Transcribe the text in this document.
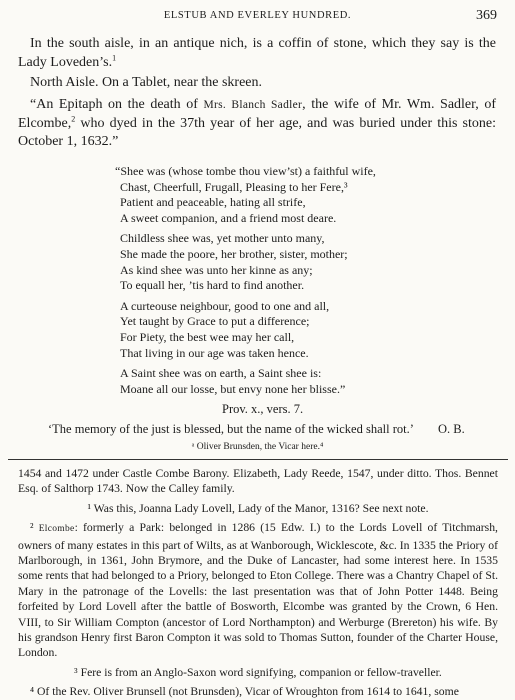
ELSTUB AND EVERLEY HUNDRED.	369

In the south aisle, in an antique nich, is a coffin of stone, which they say is the Lady Loveden’s.$^1$

North Aisle. On a Tablet, near the skreen.

“An Epitaph on the death of Mrs. Blanch Sadler, the wife of Mr. Wm. Sadler, of Elcombe,$^2$ who dyed in the 37th year of her age, and was buried under this stone: October 1, 1632.”

“Shee was (whose tombe thou view’st) a faithful wife,
Chast, Cheerfull, Frugall, Pleasing to her Fere,³
Patient and peaceable, hating all strife,
A sweet companion, and a friend most deare.
Childless shee was, yet mother unto many,
She made the poore, her brother, sister, mother;
As kind shee was unto her kinne as any;
To equall her, ’tis hard to find another.
A curteouse neighbour, good to one and all,
Yet taught by Grace to put a difference;
For Piety, the best wee may her call,
That living in our age was taken hence.
A Saint shee was on earth, a Saint shee is:
Moane all our losse, but envy none her blisse.”
Prov. x., vers. 7.
‘The memory of the just is blessed, but the name of the wicked shall rot.’ O. B.
ᵃ Oliver Brunsden, the Vicar here.⁴

1454 and 1472 under Castle Combe Barony. Elizabeth, Lady Reede, 1547, under ditto. Thos. Bennet Esq. of Salthorp 1743. Now the Calley family.

¹ Was this, Joanna Lady Lovell, Lady of the Manor, 1316? See next note.

² Elcombe: formerly a Park: belonged in 1286 (15 Edw. I.) to the Lords Lovell of Titchmarsh, owners of many estates in this part of Wilts, as at Wanborough, Wicklescote, &c. In 1335 the Priory of Marlborough, in 1361, John Brymore, and the Duke of Lancaster, had some interest here. In 1535 some rents that had belonged to a Priory, belonged to Eton College. There was a Chantry Chapel of St. Mary in the patronage of the Lovells: the last presentation was that of John Potter 1448. Being forfeited by Lord Lovell after the battle of Bosworth, Elcombe was granted by the Crown, 6 Hen. VIII, to Sir William Compton (ancestor of Lord Northampton) and Werburge (Brereton) his wife. By his grandson Henry first Baron Compton it was sold to Thomas Sutton, founder of the Charter House, London.

³ Fere is from an Anglo-Saxon word signifying, companion or fellow-traveller.

⁴ Of the Rev. Oliver Brunsell (not Brunsden), Vicar of Wroughton from 1614 to 1641, some
